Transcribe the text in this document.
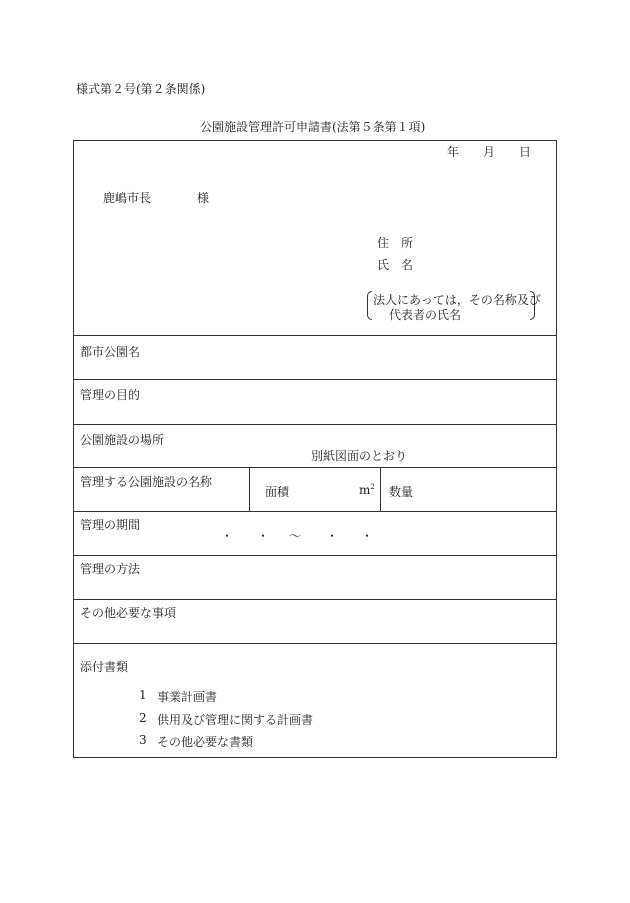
様式第２号(第２条関係)
公園施設管理許可申請書(法第５条第１項)
年 月 日
鹿嶋市長	様
住　所
氏　名
法人にあっては，その名称及び
代表者の氏名
都市公園名
管理の目的
公園施設の場所
別紙図面のとおり
管理する公園施設の名称
面積	$m^2$ 数量
管理の期間
・ ・ ～ ・ ・
管理の方法
その他必要な事項
添付書類
1 事業計画書
2 供用及び管理に関する計画書
3 その他必要な書類
